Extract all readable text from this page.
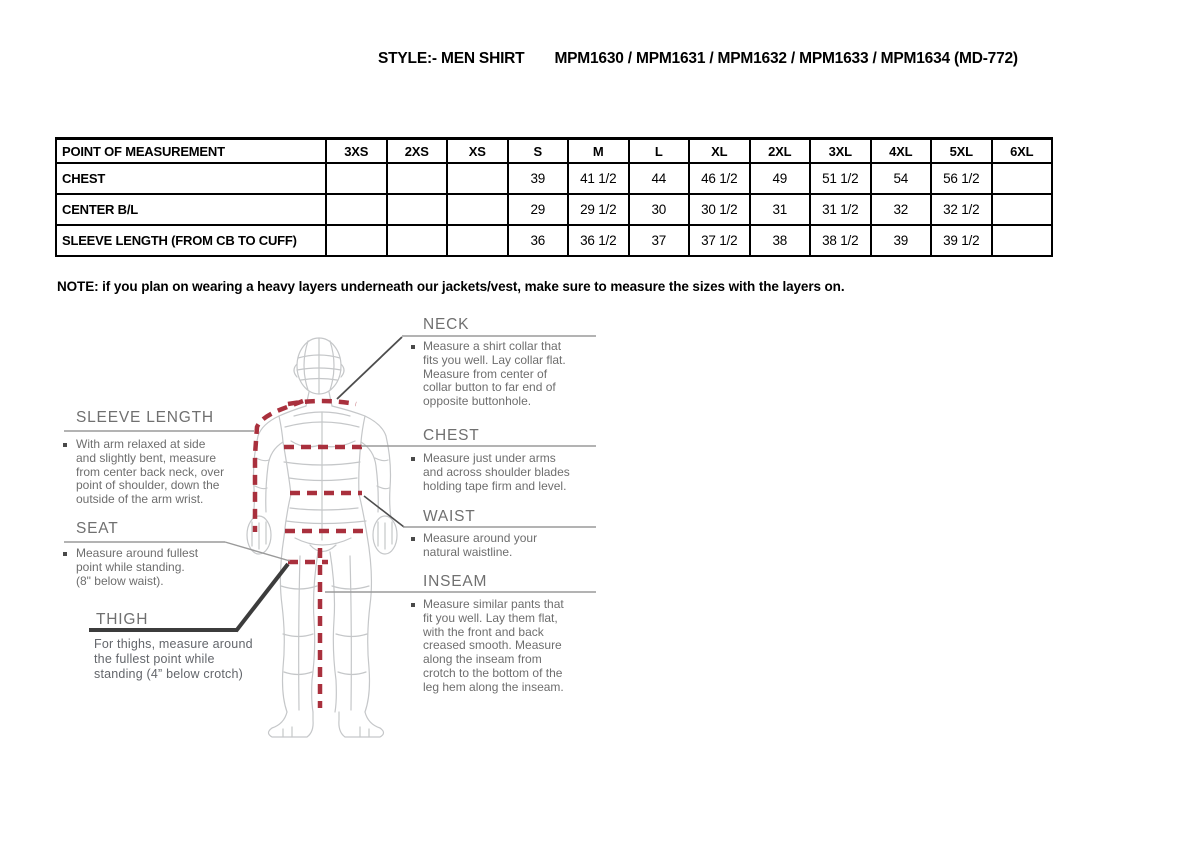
STYLE:- MEN SHIRT MPM1630 / MPM1631 / MPM1632 / MPM1633 / MPM1634 (MD-772)
POINT OF MEASUREMENT	3XS	2XS	XS	S	M	L	XL	2XL	3XL	4XL	5XL	6XL
CHEST				39	41 1/2	44	46 1/2	49	51 1/2	54	56 1/2	
CENTER B/L				29	29 1/2	30	30 1/2	31	31 1/2	32	32 1/2	
SLEEVE LENGTH (FROM CB TO CUFF)				36	36 1/2	37	37 1/2	38	38 1/2	39	39 1/2	
NOTE: if you plan on wearing a heavy layers underneath our jackets/vest, make sure to measure the sizes with the layers on.
NECK
Measure a shirt collar that
fits you well. Lay collar flat.
Measure from center of
collar button to far end of
opposite buttonhole.
CHEST
Measure just under arms
and across shoulder blades
holding tape firm and level.
WAIST
Measure around your
natural waistline.
INSEAM
Measure similar pants that
fit you well. Lay them flat,
with the front and back
creased smooth. Measure
along the inseam from
crotch to the bottom of the
leg hem along the inseam.
SLEEVE LENGTH
With arm relaxed at side
and slightly bent, measure
from center back neck, over
point of shoulder, down the
outside of the arm wrist.
SEAT
Measure around fullest
point while standing.
(8" below waist).
THIGH
For thighs, measure around
the fullest point while
standing (4” below crotch)
